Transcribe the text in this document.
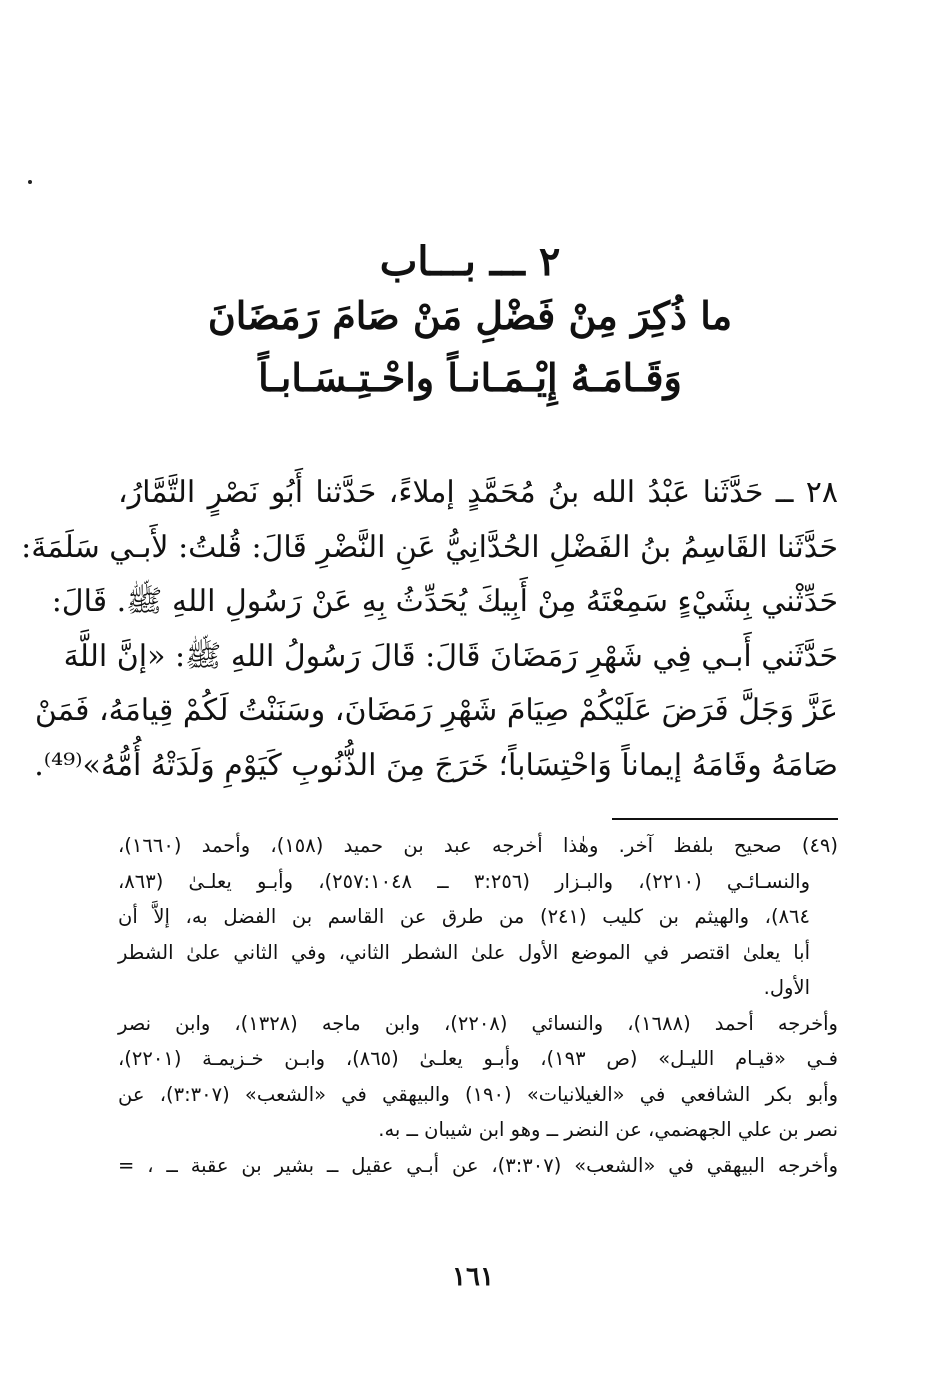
٢ ـــ بـــاب
ما ذُكِرَ مِنْ فَضْلِ مَنْ صَامَ رَمَضَانَ
وَقَـامَـهُ إِيْـمَـانـاً واحْـتِـسَـابـاً
٢٨ ــ حَدَّثَنا عَبْدُ الله بنُ مُحَمَّدٍ إملاءً، حَدَّثنا أَبُو نَصْرٍ التَّمَّارُ،
حَدَّثَنا القَاسِمُ بنُ الفَضْلِ الحُدَّانِيُّ عَنِ النَّضْرِ قَالَ: قُلتُ: لأَبـي سَلَمَةَ:
حَدِّثْني بِشَيْءٍ سَمِعْتَهُ مِنْ أَبِيكَ يُحَدِّثُ بِهِ عَنْ رَسُولِ اللهِ ﷺ. قَالَ:
حَدَّثَني أَبـي فِي شَهْرِ رَمَضَانَ قَالَ: قَالَ رَسُولُ اللهِ ﷺ: «إنَّ اللَّهَ
عَزَّ وَجَلَّ فَرَضَ عَلَيْكُمْ صِيَامَ شَهْرِ رَمَضَانَ، وسَنَنْتُ لَكُمْ قِيامَهُ، فَمَنْ
صَامَهُ وقَامَهُ إيماناً وَاحْتِسَاباً؛ خَرَجَ مِنَ الذُّنُوبِ كَيَوْمِ وَلَدَتْهُ أُمُّهُ»⁽⁴⁹⁾.
(٤٩) صحيح بلفظ آخر. وهٰذا أخرجه عبد بن حميد (١٥٨)، وأحمد (١٦٦٠)،
والنسـائـي (٢٢١٠)، والبـزار (٣:٢٥٦ ــ ٢٥٧:١٠٤٨)، وأبـو يعلـىٰ (٨٦٣،
٨٦٤)، والهيثم بن كليب (٢٤١) من طرق عن القاسم بن الفضل به، إلاَّ أن
أبا يعلىٰ اقتصر في الموضع الأول علىٰ الشطر الثاني، وفي الثاني علىٰ الشطر
الأول.
وأخرجه أحمد (١٦٨٨)، والنسائي (٢٢٠٨)، وابن ماجه (١٣٢٨)، وابن نصر
فـي «قيـام الليـل» (ص ١٩٣)، وأبـو يعلـىٰ (٨٦٥)، وابـن خـزيمـة (٢٢٠١)،
وأبو بكر الشافعي في «الغيلانيات» (١٩٠) والبيهقي في «الشعب» (٣:٣٠٧)، عن
نصر بن علي الجهضمي، عن النضر ــ وهو ابن شيبان ــ به.
وأخرجه البيهقي في «الشعب» (٣:٣٠٧)، عن أبـي عقيل ــ بشير بن عقبة ــ ، =
١٦١
